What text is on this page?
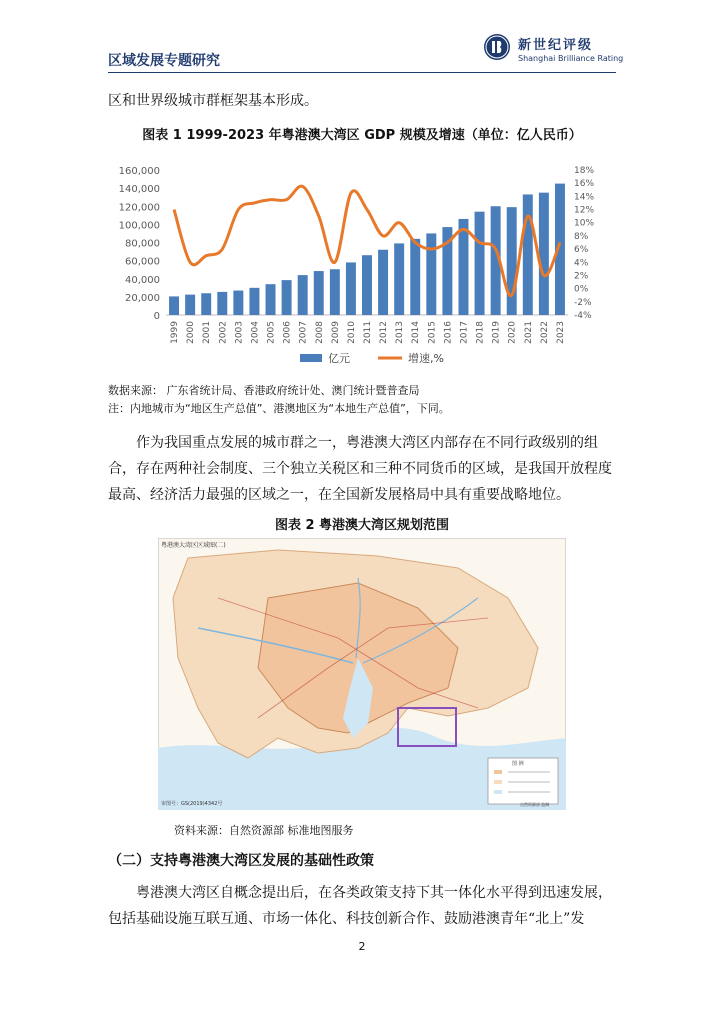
区域发展专题研究
新世纪评级
Shanghai Brilliance Rating
区和世界级城市群框架基本形成。
图表 1 1999-2023 年粤港澳大湾区 GDP 规模及增速（单位：亿人民币）
0
20,000
40,000
60,000
80,000
100,000
120,000
140,000
160,000
-4%
-2%
0%
2%
4%
6%
8%
10%
12%
14%
16%
18%
1999 2000 2001 2002 2003 2004 2005 2006 2007 2008 2009 2010 2011 2012 2013 2014 2015 2016 2017 2018 2019 2020 2021 2022 2023
亿元	增速,%
数据来源： 广东省统计局、香港政府统计处、澳门统计暨普查局
注：内地城市为“地区生产总值”、港澳地区为“本地生产总值”，下同。
作为我国重点发展的城市群之一，粤港澳大湾区内部存在不同行政级别的组合，存在两种社会制度、三个独立关税区和三种不同货币的区域，是我国开放程度最高、经济活力最强的区域之一，在全国新发展格局中具有重要战略地位。
图表 2 粤港澳大湾区规划范围
粤港澳大湾区区域图(二)
审图号：GS(2019)4342号
图 例
自然资源部 监制
资料来源：自然资源部 标准地图服务
（二）支持粤港澳大湾区发展的基础性政策
粤港澳大湾区自概念提出后，在各类政策支持下其一体化水平得到迅速发展，包括基础设施互联互通、市场一体化、科技创新合作、鼓励港澳青年“北上”发
2
